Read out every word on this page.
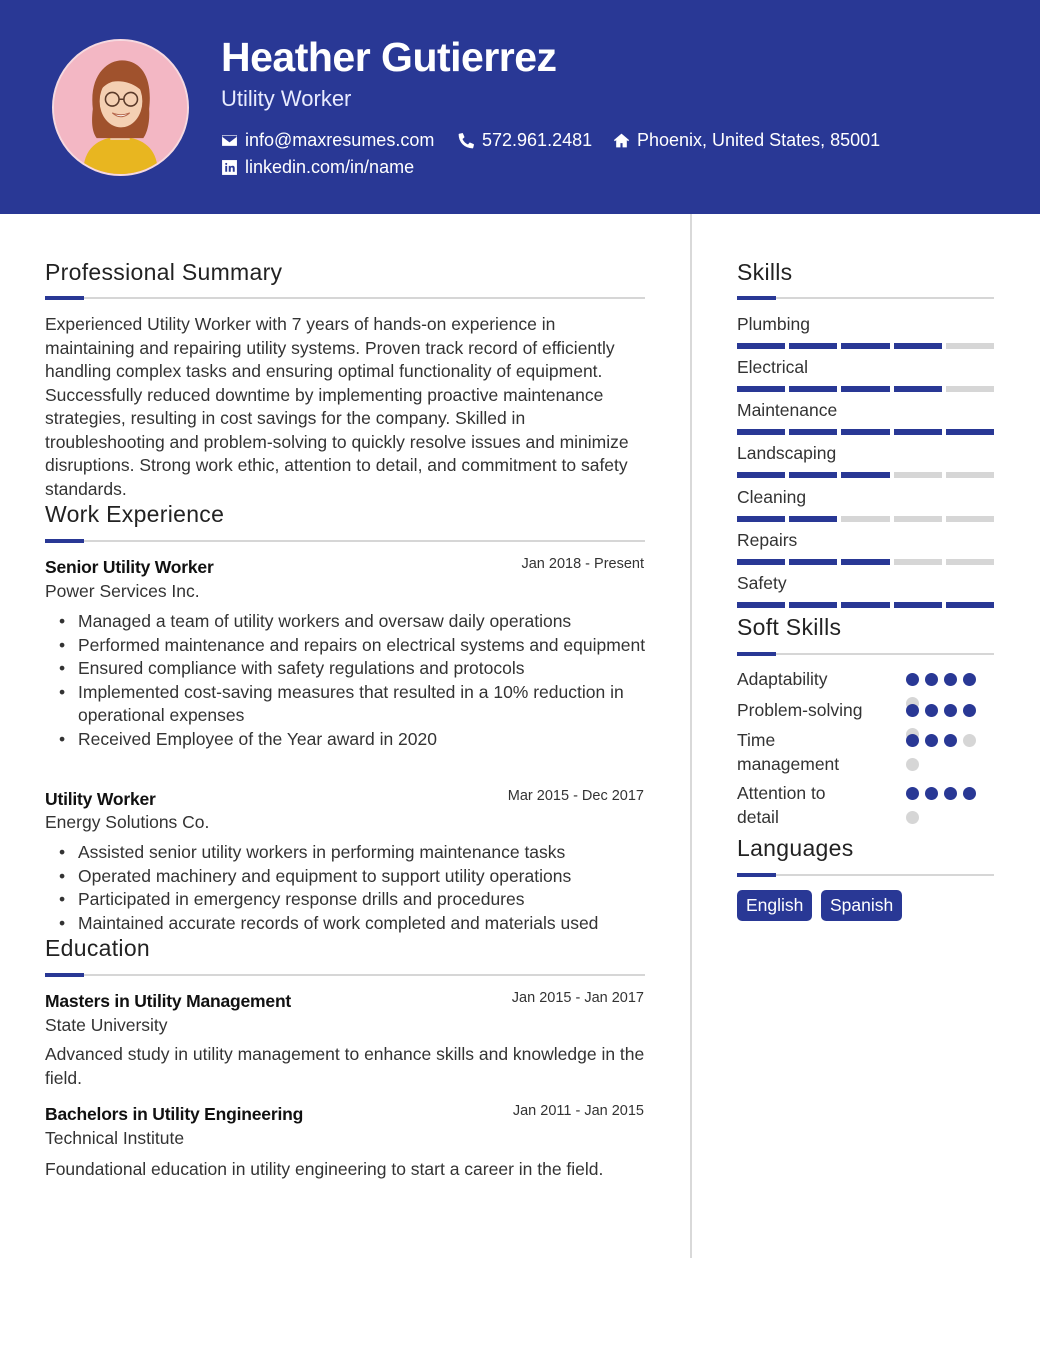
Heather Gutierrez
Utility Worker
info@maxresumes.com	572.961.2481 Phoenix, United States, 85001
linkedin.com/in/name
Professional Summary
Experienced Utility Worker with 7 years of hands-on experience in maintaining and repairing utility systems. Proven track record of efficiently handling complex tasks and ensuring optimal functionality of equipment. Successfully reduced downtime by implementing proactive maintenance strategies, resulting in cost savings for the company. Skilled in troubleshooting and problem-solving to quickly resolve issues and minimize disruptions. Strong work ethic, attention to detail, and commitment to safety standards.
Work Experience
Senior Utility Worker	Jan 2018 - Present
Power Services Inc.
• Managed a team of utility workers and oversaw daily operations
• Performed maintenance and repairs on electrical systems and equipment
• Ensured compliance with safety regulations and protocols
• Implemented cost-saving measures that resulted in a 10% reduction in operational expenses
• Received Employee of the Year award in 2020
Utility Worker	Mar 2015 - Dec 2017
Energy Solutions Co.
• Assisted senior utility workers in performing maintenance tasks
• Operated machinery and equipment to support utility operations
• Participated in emergency response drills and procedures
• Maintained accurate records of work completed and materials used
Education
Masters in Utility Management	Jan 2015 - Jan 2017
State University
Advanced study in utility management to enhance skills and knowledge in the field.
Bachelors in Utility Engineering	Jan 2011 - Jan 2015
Technical Institute
Foundational education in utility engineering to start a career in the field.
Skills
Plumbing
Electrical
Maintenance
Landscaping
Cleaning
Repairs
Safety
Soft Skills
Adaptability
Problem-solving
Time management
Attention to detail
Languages
English	Spanish
